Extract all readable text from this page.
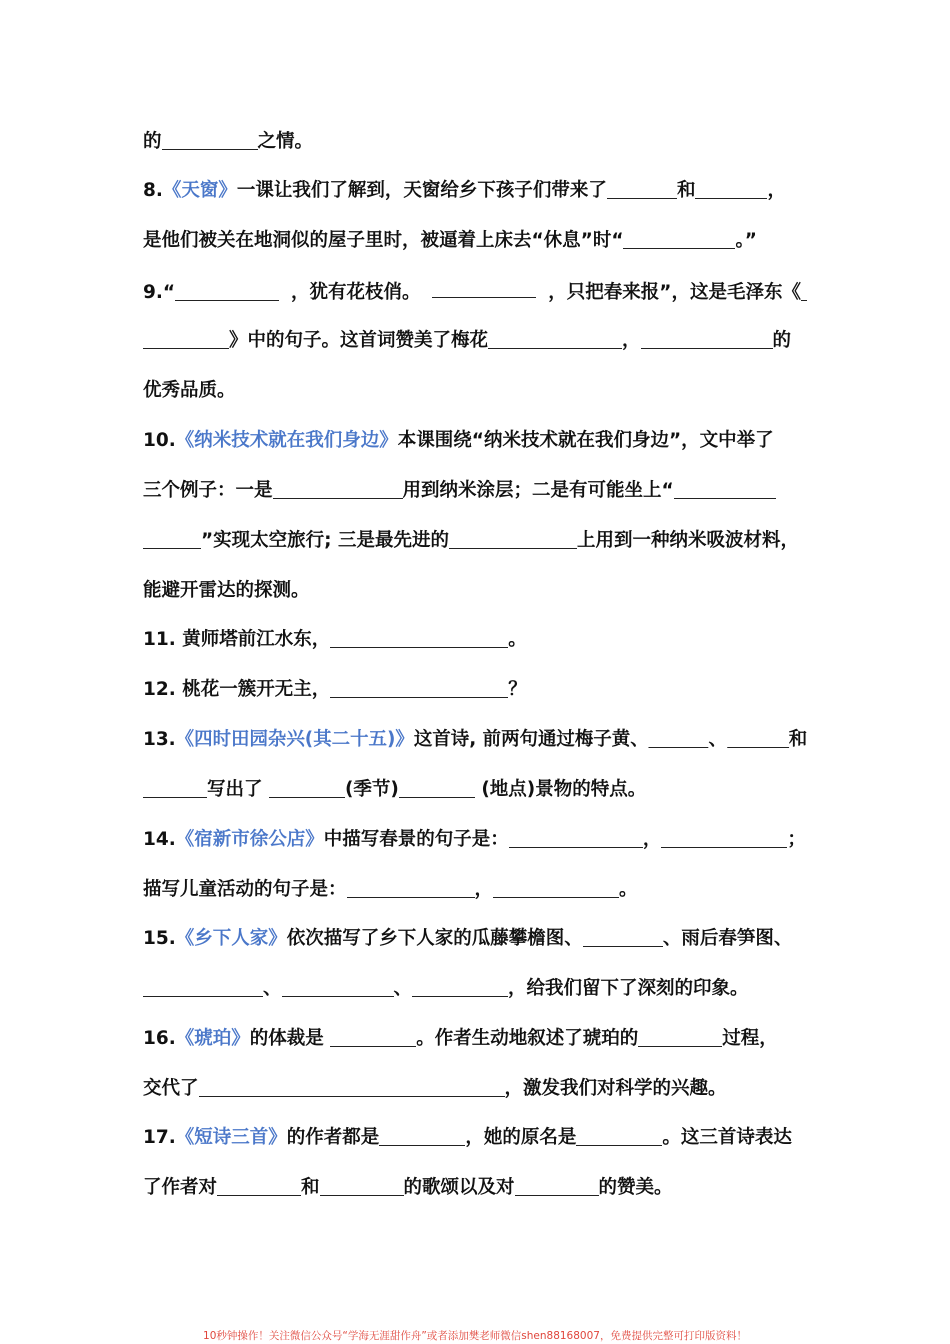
的	之情。
8.《天窗》一课让我们了解到，天窗给乡下孩子们带来了	和	，
是他们被关在地洞似的屋子里时，被逼着上床去“休息”时“	。”
9.“	，犹有花枝俏。	，只把春来报”，这是毛泽东《
》中的句子。这首词赞美了梅花	，	的
优秀品质。
10.《纳米技术就在我们身边》本课围绕“纳米技术就在我们身边”，文中举了
三个例子：一是	用到纳米涂层；二是有可能坐上“
”实现太空旅行; 三是最先进的	上用到一种纳米吸波材料，
能避开雷达的探测。
11. 黄师塔前江水东，	。
12. 桃花一簇开无主，	？
13.《四时田园杂兴(其二十五)》这首诗, 前两句通过梅子黄、	、	和
写出了	(季节)	(地点)景物的特点。
14.《宿新市徐公店》中描写春景的句子是：	，	；
描写儿童活动的句子是：	，	。
15.《乡下人家》依次描写了乡下人家的瓜藤攀檐图、	、雨后春笋图、
、	、	，给我们留下了深刻的印象。
16.《琥珀》的体裁是	。作者生动地叙述了琥珀的	过程，
交代了	，激发我们对科学的兴趣。
17.《短诗三首》的作者都是	，她的原名是	。这三首诗表达
了作者对	和	的歌颂以及对	的赞美。
10秒钟操作！关注微信公众号“学海无涯甜作舟”或者添加樊老师微信shen88168007，免费提供完整可打印版资料！
